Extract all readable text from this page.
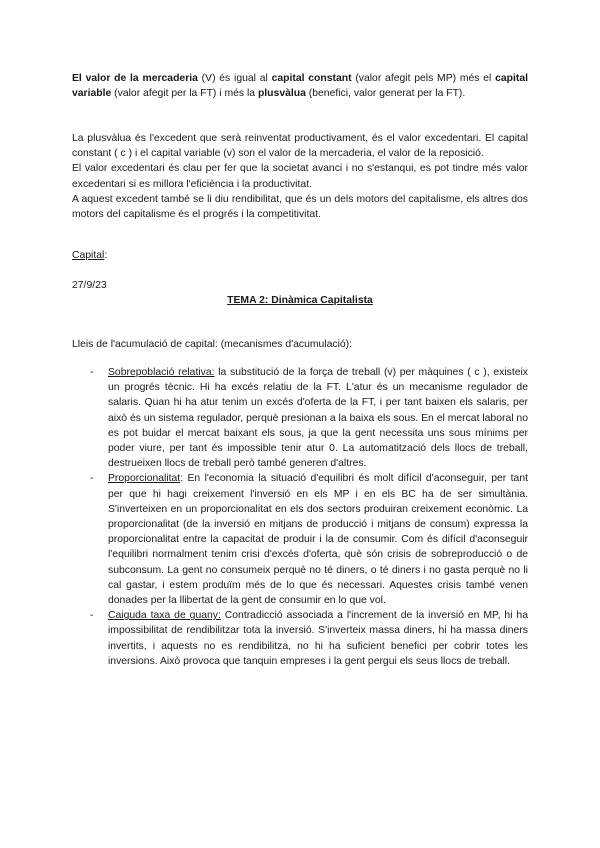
El valor de la mercaderia (V) és igual al capital constant (valor afegit pels MP) més el capital variable (valor afegit per la FT) i més la plusvàlua (benefici, valor generat per la FT).

La plusvàlua és l'excedent que serà reinventat productivament, és el valor excedentari. El capital constant ( c ) i el capital variable (v) son el valor de la mercaderia, el valor de la reposició.
El valor excedentari és clau per fer que la societat avanci i no s'estanqui, es pot tindre més valor excedentari si es millora l'eficiència i la productivitat.
A aquest excedent també se li diu rendibilitat, que és un dels motors del capitalisme, els altres dos motors del capitalisme és el progrés i la competitivitat.

Capital:

27/9/23

TEMA 2: Dinàmica Capitalista

Lleis de l'acumulació de capital: (mecanismes d'acumulació):

- Sobrepoblació relativa: la substitució de la força de treball (v) per màquines ( c ), existeix un progrés tècnic. Hi ha excés relatiu de la FT. L'atur és un mecanisme regulador de salaris. Quan hi ha atur tenim un excés d'oferta de la FT, i per tant baixen els salaris, per això és un sistema regulador, perquè presionan a la baixa els sous. En el mercat laboral no es pot buidar el mercat baixant els sous, ja que la gent necessita uns sous mínims per poder viure, per tant és impossible tenir atur 0. La automatització dels llocs de treball, destrueixen llocs de treball però també generen d'altres.
- Proporcionalitat: En l'economia la situació d'equilibri és molt difícil d'aconseguir, per tant per que hi hagi creixement l'inversió en els MP i en els BC ha de ser simultània. S'inverteixen en un proporcionalitat en els dos sectors produiran creixement econòmic. La proporcionalitat (de la inversió en mitjans de producció i mitjans de consum) expressa la proporcionalitat entre la capacitat de produir i la de consumir. Com és difícil d'aconseguir l'equilibri normalment tenim crisi d'excés d'oferta, què són crisis de sobreproducció o de subconsum. La gent no consumeix perquè no té diners, o té diners i no gasta perquè no li cal gastar, i estem produïm més de lo que és necessari. Aquestes crisis també venen donades per la llibertat de la gent de consumir en lo que vol.
- Caiguda taxa de guany: Contradicció associada a l'increment de la inversió en MP, hi ha impossibilitat de rendibilitzar tota la inversió. S'inverteix massa diners, hi ha massa diners invertits, i aquests no es rendibilitza, no hi ha suficient benefici per cobrir totes les inversions. Això provoca que tanquin empreses i la gent pergui els seus llocs de treball.
